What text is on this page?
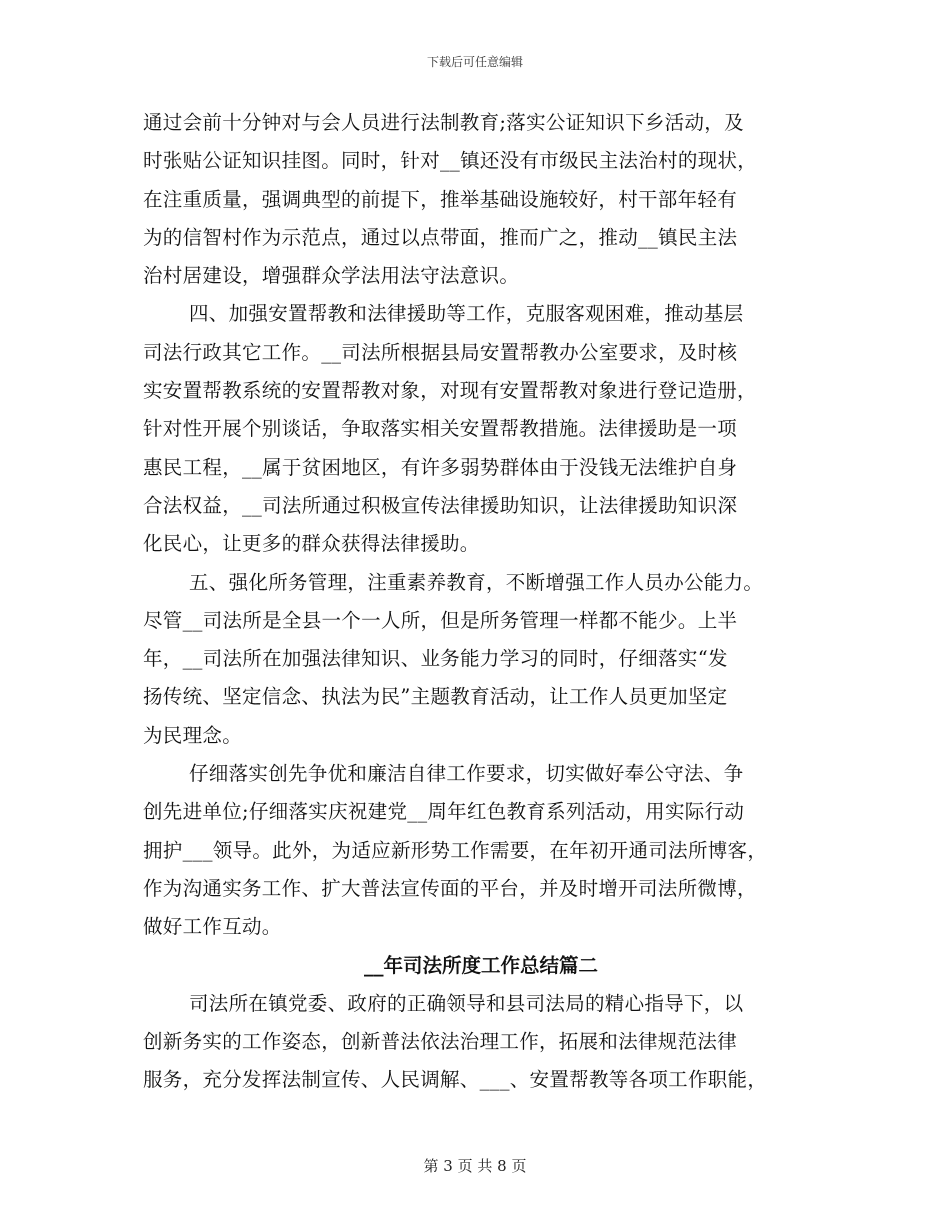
下载后可任意编辑
通过会前十分钟对与会人员进行法制教育;落实公证知识下乡活动，及
时张贴公证知识挂图。同时，针对__镇还没有市级民主法治村的现状，
在注重质量，强调典型的前提下，推举基础设施较好，村干部年轻有
为的信智村作为示范点，通过以点带面，推而广之，推动__镇民主法
治村居建设，增强群众学法用法守法意识。
四、加强安置帮教和法律援助等工作，克服客观困难，推动基层
司法行政其它工作。__司法所根据县局安置帮教办公室要求，及时核
实安置帮教系统的安置帮教对象，对现有安置帮教对象进行登记造册，
针对性开展个别谈话，争取落实相关安置帮教措施。法律援助是一项
惠民工程，__属于贫困地区，有许多弱势群体由于没钱无法维护自身
合法权益，__司法所通过积极宣传法律援助知识，让法律援助知识深
化民心，让更多的群众获得法律援助。
五、强化所务管理，注重素养教育，不断增强工作人员办公能力。
尽管__司法所是全县一个一人所，但是所务管理一样都不能少。上半
年，__司法所在加强法律知识、业务能力学习的同时，仔细落实“发
扬传统、坚定信念、执法为民”主题教育活动，让工作人员更加坚定
为民理念。
仔细落实创先争优和廉洁自律工作要求，切实做好奉公守法、争
创先进单位;仔细落实庆祝建党__周年红色教育系列活动，用实际行动
拥护___领导。此外，为适应新形势工作需要，在年初开通司法所博客，
作为沟通实务工作、扩大普法宣传面的平台，并及时增开司法所微博，
做好工作互动。
__年司法所度工作总结篇二
司法所在镇党委、政府的正确领导和县司法局的精心指导下，以
创新务实的工作姿态，创新普法依法治理工作，拓展和法律规范法律
服务，充分发挥法制宣传、人民调解、___、安置帮教等各项工作职能，
第 3 页 共 8 页
